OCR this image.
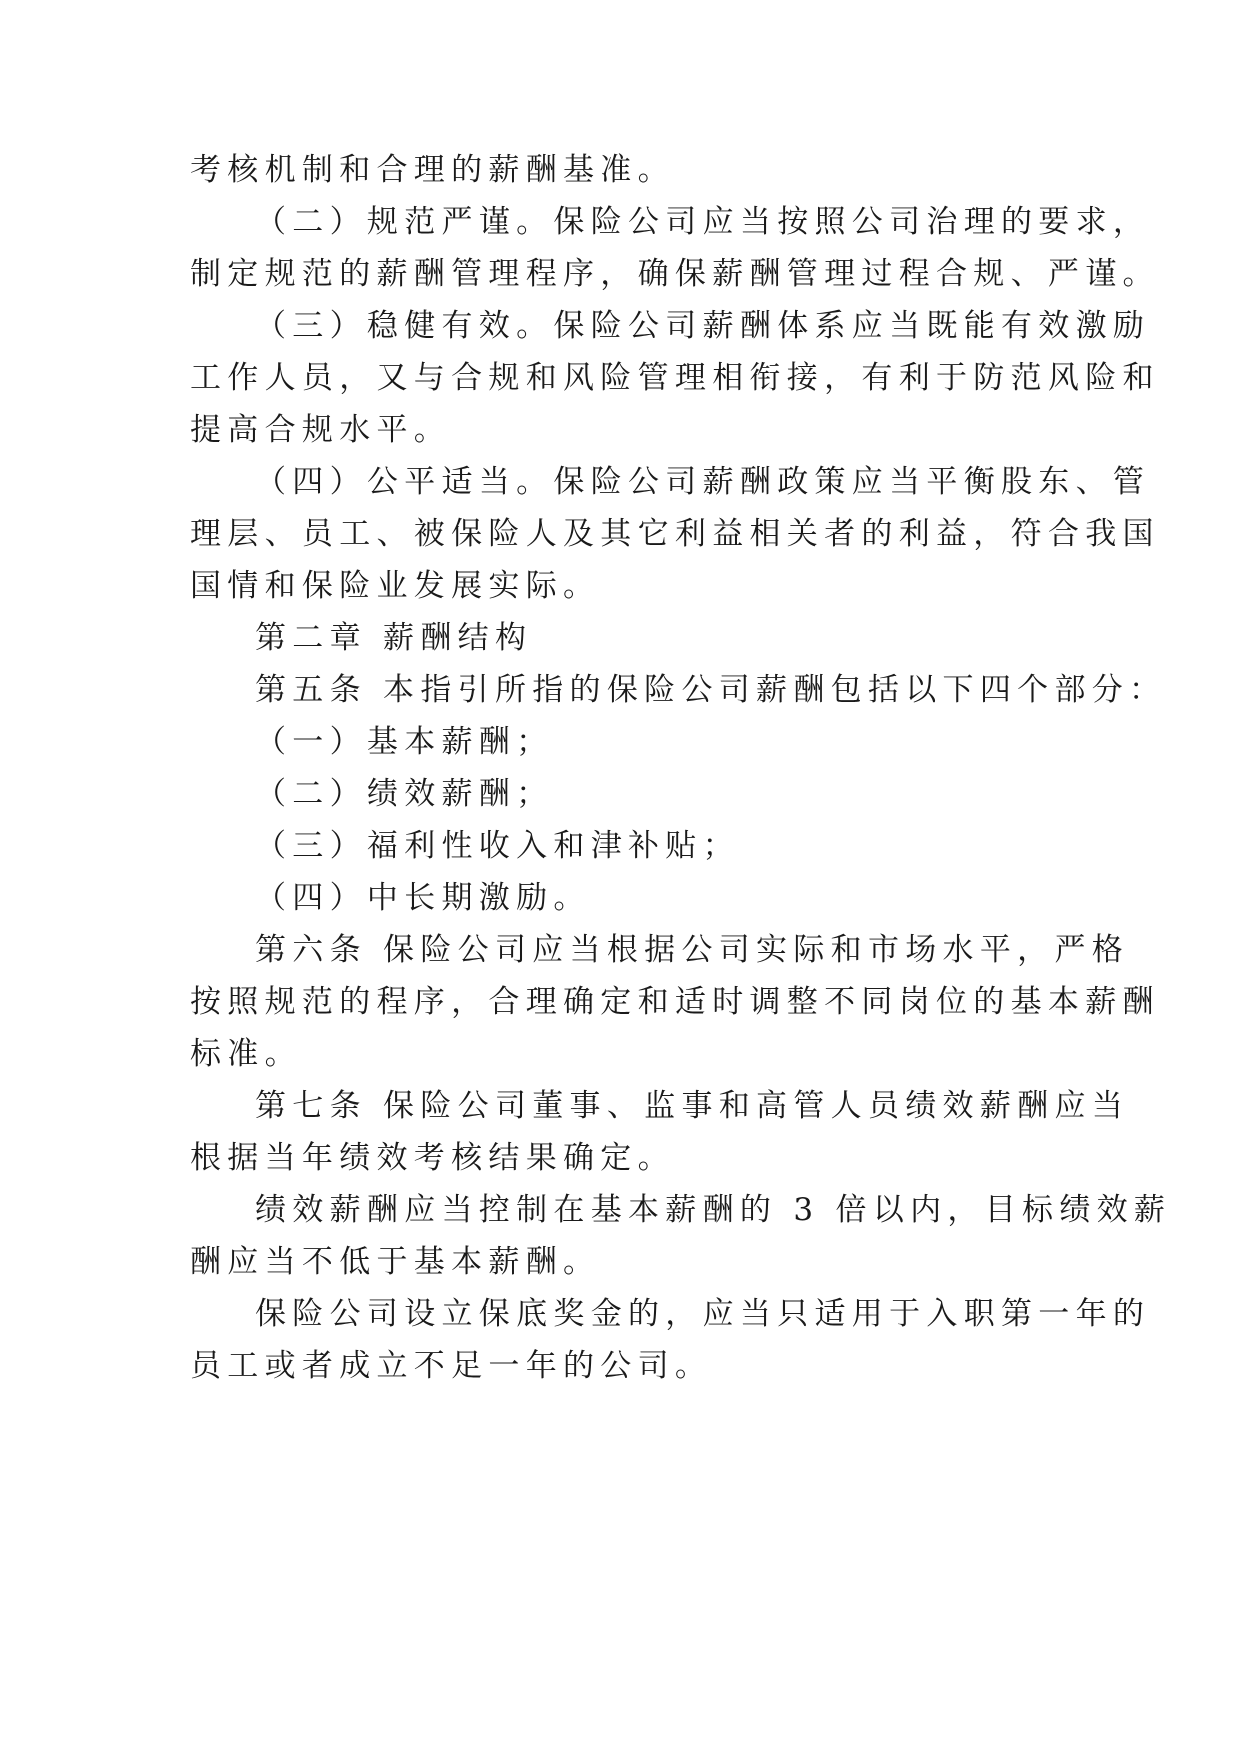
考核机制和合理的薪酬基准。
（二）规范严谨。保险公司应当按照公司治理的要求，
制定规范的薪酬管理程序，确保薪酬管理过程合规、严谨。
（三）稳健有效。保险公司薪酬体系应当既能有效激励
工作人员，又与合规和风险管理相衔接，有利于防范风险和
提高合规水平。
（四）公平适当。保险公司薪酬政策应当平衡股东、管
理层、员工、被保险人及其它利益相关者的利益，符合我国
国情和保险业发展实际。
第二章 薪酬结构
第五条 本指引所指的保险公司薪酬包括以下四个部分：
（一）基本薪酬；
（二）绩效薪酬；
（三）福利性收入和津补贴；
（四）中长期激励。
第六条 保险公司应当根据公司实际和市场水平，严格
按照规范的程序，合理确定和适时调整不同岗位的基本薪酬
标准。
第七条 保险公司董事、监事和高管人员绩效薪酬应当
根据当年绩效考核结果确定。
绩效薪酬应当控制在基本薪酬的 3 倍以内，目标绩效薪
酬应当不低于基本薪酬。
保险公司设立保底奖金的，应当只适用于入职第一年的
员工或者成立不足一年的公司。
